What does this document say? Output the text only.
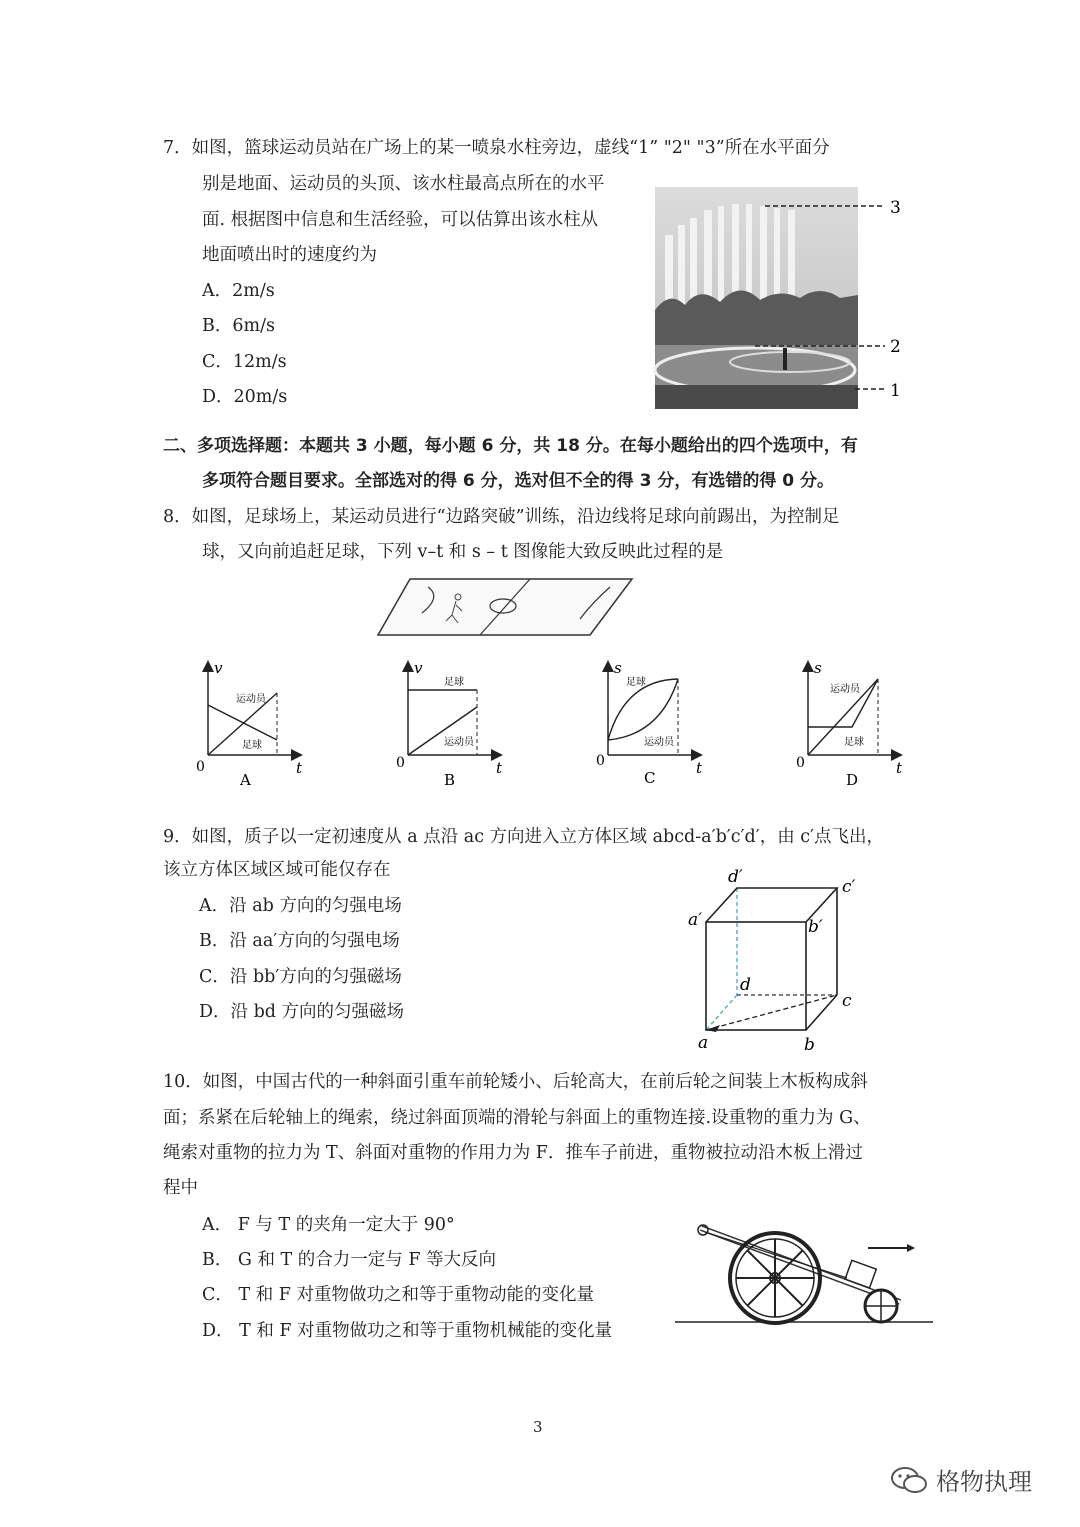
7．如图，篮球运动员站在广场上的某一喷泉水柱旁边，虚线“1” "2" "3”所在水平面分
别是地面、运动员的头顶、该水柱最高点所在的水平
面. 根据图中信息和生活经验，可以估算出该水柱从
地面喷出时的速度约为
A．2m/s
B．6m/s
C．12m/s
D．20m/s
3
2
1
二、多项选择题：本题共 3 小题，每小题 6 分，共 18 分。在每小题给出的四个选项中，有
多项符合题目要求。全部选对的得 6 分，选对但不全的得 3 分，有选错的得 0 分。
8．如图，足球场上，某运动员进行“边路突破”训练，沿边线将足球向前踢出，为控制足
球，又向前追赶足球，下列 v–t 和 s – t 图像能大致反映此过程的是
v
t
0
运动员
足球
A
v
t
0
足球
运动员
B
s
t
0
足球
运动员
C
s
t
0
运动员
足球
D
9．如图，质子以一定初速度从 a 点沿 ac 方向进入立方体区域 abcd-a′b′c′d′，由 c′点飞出，
该立方体区域区域可能仅存在
A．沿 ab 方向的匀强电场
B．沿 aa′方向的匀强电场
C．沿 bb′方向的匀强磁场
D．沿 bd 方向的匀强磁场
d′	c′
a′	b′
d
c
a	b
10．如图，中国古代的一种斜面引重车前轮矮小、后轮高大，在前后轮之间装上木板构成斜
面；系紧在后轮轴上的绳索，绕过斜面顶端的滑轮与斜面上的重物连接.设重物的重力为 G、
绳索对重物的拉力为 T、斜面对重物的作用力为 F．推车子前进，重物被拉动沿木板上滑过
程中
A． F 与 T 的夹角一定大于 90°
B． G 和 T 的合力一定与 F 等大反向
C． T 和 F 对重物做功之和等于重物动能的变化量
D． T 和 F 对重物做功之和等于重物机械能的变化量
3
格物执理
